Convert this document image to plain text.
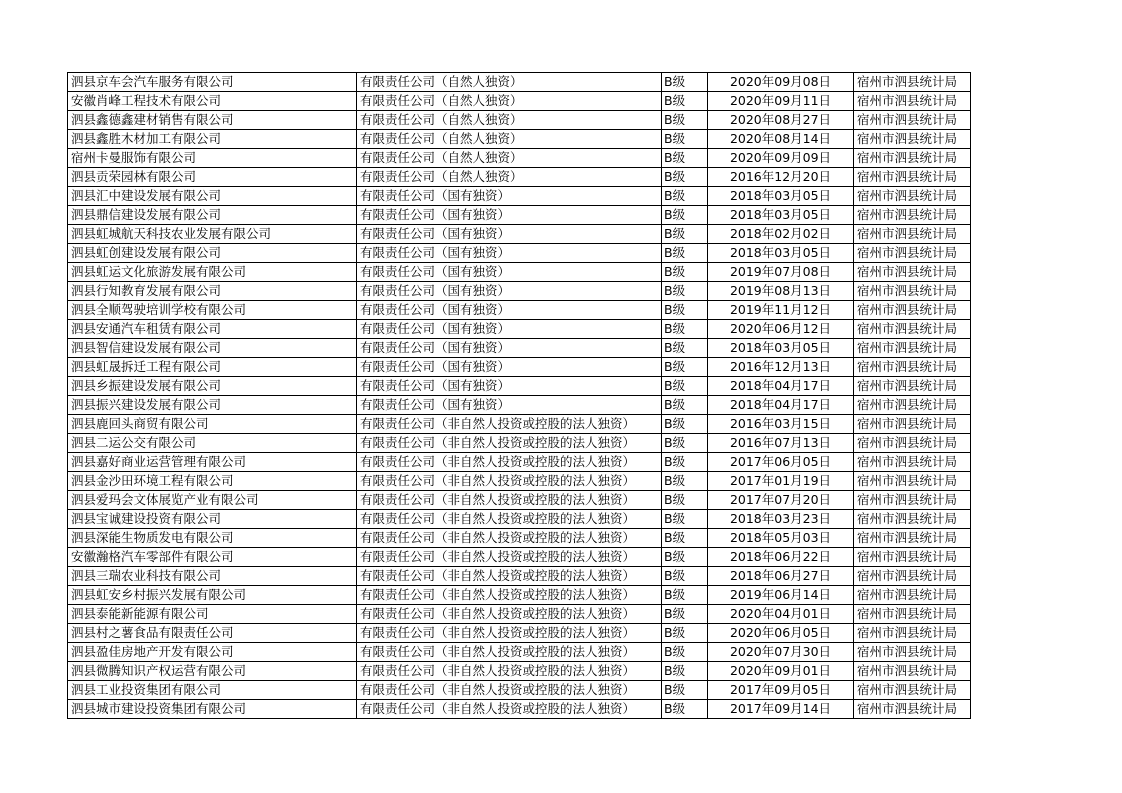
泗县京车会汽车服务有限公司	有限责任公司（自然人独资）	B级	2020年09月08日	宿州市泗县统计局
安徽肖峰工程技术有限公司	有限责任公司（自然人独资）	B级	2020年09月11日	宿州市泗县统计局
泗县鑫德鑫建材销售有限公司	有限责任公司（自然人独资）	B级	2020年08月27日	宿州市泗县统计局
泗县鑫胜木材加工有限公司	有限责任公司（自然人独资）	B级	2020年08月14日	宿州市泗县统计局
宿州卡曼服饰有限公司	有限责任公司（自然人独资）	B级	2020年09月09日	宿州市泗县统计局
泗县贡荣园林有限公司	有限责任公司（自然人独资）	B级	2016年12月20日	宿州市泗县统计局
泗县汇中建设发展有限公司	有限责任公司（国有独资）	B级	2018年03月05日	宿州市泗县统计局
泗县鼎信建设发展有限公司	有限责任公司（国有独资）	B级	2018年03月05日	宿州市泗县统计局
泗县虹城航天科技农业发展有限公司	有限责任公司（国有独资）	B级	2018年02月02日	宿州市泗县统计局
泗县虹创建设发展有限公司	有限责任公司（国有独资）	B级	2018年03月05日	宿州市泗县统计局
泗县虹运文化旅游发展有限公司	有限责任公司（国有独资）	B级	2019年07月08日	宿州市泗县统计局
泗县行知教育发展有限公司	有限责任公司（国有独资）	B级	2019年08月13日	宿州市泗县统计局
泗县全顺驾驶培训学校有限公司	有限责任公司（国有独资）	B级	2019年11月12日	宿州市泗县统计局
泗县安通汽车租赁有限公司	有限责任公司（国有独资）	B级	2020年06月12日	宿州市泗县统计局
泗县智信建设发展有限公司	有限责任公司（国有独资）	B级	2018年03月05日	宿州市泗县统计局
泗县虹晟拆迁工程有限公司	有限责任公司（国有独资）	B级	2016年12月13日	宿州市泗县统计局
泗县乡振建设发展有限公司	有限责任公司（国有独资）	B级	2018年04月17日	宿州市泗县统计局
泗县振兴建设发展有限公司	有限责任公司（国有独资）	B级	2018年04月17日	宿州市泗县统计局
泗县鹿回头商贸有限公司	有限责任公司（非自然人投资或控股的法人独资）	B级	2016年03月15日	宿州市泗县统计局
泗县二运公交有限公司	有限责任公司（非自然人投资或控股的法人独资）	B级	2016年07月13日	宿州市泗县统计局
泗县嘉好商业运营管理有限公司	有限责任公司（非自然人投资或控股的法人独资）	B级	2017年06月05日	宿州市泗县统计局
泗县金沙田环境工程有限公司	有限责任公司（非自然人投资或控股的法人独资）	B级	2017年01月19日	宿州市泗县统计局
泗县爱玛会文体展览产业有限公司	有限责任公司（非自然人投资或控股的法人独资）	B级	2017年07月20日	宿州市泗县统计局
泗县宝诚建设投资有限公司	有限责任公司（非自然人投资或控股的法人独资）	B级	2018年03月23日	宿州市泗县统计局
泗县深能生物质发电有限公司	有限责任公司（非自然人投资或控股的法人独资）	B级	2018年05月03日	宿州市泗县统计局
安徽瀚格汽车零部件有限公司	有限责任公司（非自然人投资或控股的法人独资）	B级	2018年06月22日	宿州市泗县统计局
泗县三瑞农业科技有限公司	有限责任公司（非自然人投资或控股的法人独资）	B级	2018年06月27日	宿州市泗县统计局
泗县虹安乡村振兴发展有限公司	有限责任公司（非自然人投资或控股的法人独资）	B级	2019年06月14日	宿州市泗县统计局
泗县泰能新能源有限公司	有限责任公司（非自然人投资或控股的法人独资）	B级	2020年04月01日	宿州市泗县统计局
泗县村之薯食品有限责任公司	有限责任公司（非自然人投资或控股的法人独资）	B级	2020年06月05日	宿州市泗县统计局
泗县盈佳房地产开发有限公司	有限责任公司（非自然人投资或控股的法人独资）	B级	2020年07月30日	宿州市泗县统计局
泗县微腾知识产权运营有限公司	有限责任公司（非自然人投资或控股的法人独资）	B级	2020年09月01日	宿州市泗县统计局
泗县工业投资集团有限公司	有限责任公司（非自然人投资或控股的法人独资）	B级	2017年09月05日	宿州市泗县统计局
泗县城市建设投资集团有限公司	有限责任公司（非自然人投资或控股的法人独资）	B级	2017年09月14日	宿州市泗县统计局
